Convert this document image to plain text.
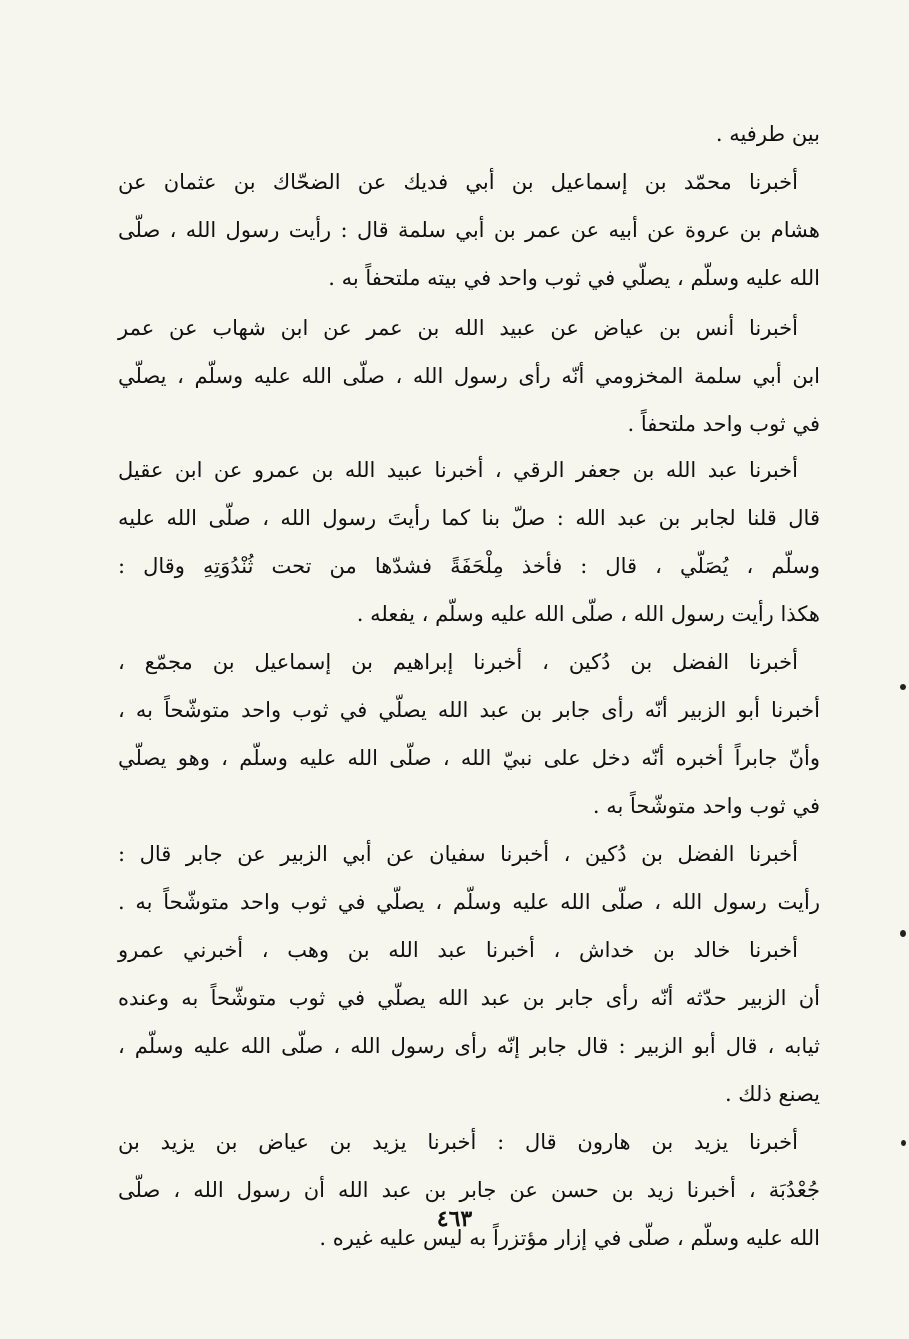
بين طرفيه .
أخبرنا محمّد بن إسماعيل بن أبي فديك عن الضحّاك بن عثمان عن
هشام بن عروة عن أبيه عن عمر بن أبي سلمة قال : رأيت رسول الله ، صلّى
الله عليه وسلّم ، يصلّي في ثوب واحد في بيته ملتحفاً به .
أخبرنا أنس بن عياض عن عبيد الله بن عمر عن ابن شهاب عن عمر
ابن أبي سلمة المخزومي أنّه رأى رسول الله ، صلّى الله عليه وسلّم ، يصلّي
في ثوب واحد ملتحفاً .
أخبرنا عبد الله بن جعفر الرقي ، أخبرنا عبيد الله بن عمرو عن ابن عقيل
قال قلنا لجابر بن عبد الله : صلّ بنا كما رأيتَ رسول الله ، صلّى الله عليه
وسلّم ، يُصَلّي ، قال : فأخذ مِلْحَفَةً فشدّها من تحت ثُنْدُوَتِهِ وقال :
هكذا رأيت رسول الله ، صلّى الله عليه وسلّم ، يفعله .
أخبرنا الفضل بن دُكين ، أخبرنا إبراهيم بن إسماعيل بن مجمّع ،
أخبرنا أبو الزبير أنّه رأى جابر بن عبد الله يصلّي في ثوب واحد متوشّحاً به ،
وأنّ جابراً أخبره أنّه دخل على نبيّ الله ، صلّى الله عليه وسلّم ، وهو يصلّي
في ثوب واحد متوشّحاً به .
أخبرنا الفضل بن دُكين ، أخبرنا سفيان عن أبي الزبير عن جابر قال :
رأيت رسول الله ، صلّى الله عليه وسلّم ، يصلّي في ثوب واحد متوشّحاً به .
أخبرنا خالد بن خداش ، أخبرنا عبد الله بن وهب ، أخبرني عمرو
أن الزبير حدّثه أنّه رأى جابر بن عبد الله يصلّي في ثوب متوشّحاً به وعنده
ثيابه ، قال أبو الزبير : قال جابر إنّه رأى رسول الله ، صلّى الله عليه وسلّم ،
يصنع ذلك .
أخبرنا يزيد بن هارون قال : أخبرنا يزيد بن عياض بن يزيد بن
جُعْدُبَة ، أخبرنا زيد بن حسن عن جابر بن عبد الله أن رسول الله ، صلّى
الله عليه وسلّم ، صلّى في إزار مؤتزراً به ليس عليه غيره .
٤٦٣
